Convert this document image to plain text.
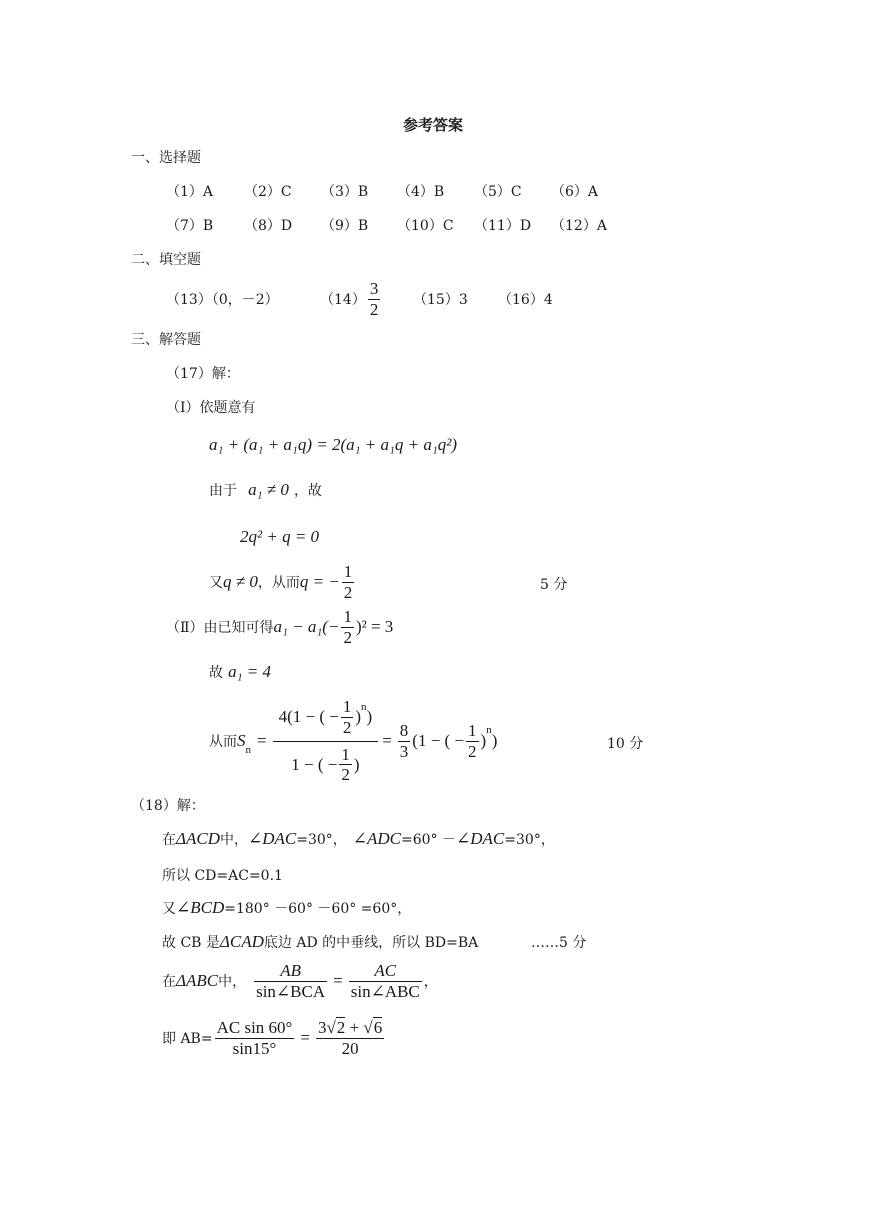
参考答案
一、选择题
（1）A （2）C （3）B （4）B （5）C （6）A
（7）B （8）D （9）B （10）C （11）D （12）A
二、填空题
（13）（0，－2）	$(14) \frac{3}{2} (15)3$ （16）4
三、解答题
（17）解：
（Ⅰ）依题意有
a₁ + (a₁ + a₁q) = 2(a₁ + a₁q + a₁q²)
由于 a₁ ≠ 0 ，故
2q² + q = 0
又 q ≠ 0 ，从而 q = − $\frac{1}{2}$	5 分
（Ⅱ）由已知可得 $a_1 - a_1(- \frac{1}{2} )^2 = 3$
故 a₁ = 4
从而 $S_n = 4(1$ − ( − $\frac{1}{2}$ )
$^n$
)
1 − ( − $\frac{1}{2}$ ) = $\frac{8}{3} (1$ − ( − $\frac{1}{2}$ )
$^n$
)	10 分
（18）解：
在ΔACD中，∠DAC=30°， ∠ADC=60° －∠DAC=30°，
所以 CD=AC=0.1
又∠BCD=180° －60° －60° =60°，
故 CB 是ΔCAD底边 AD 的中垂线，所以 BD=BA	……5 分
在 ΔABC 中， $\frac{AB}{\text{sin∠BCA}} = \frac{AC}{\text{sin∠ABC}}$ ，
即 $AB= \frac{\text{AC sin 60°}}{\sin 15^\circ} = \frac{3√2 + √6}{20}$
